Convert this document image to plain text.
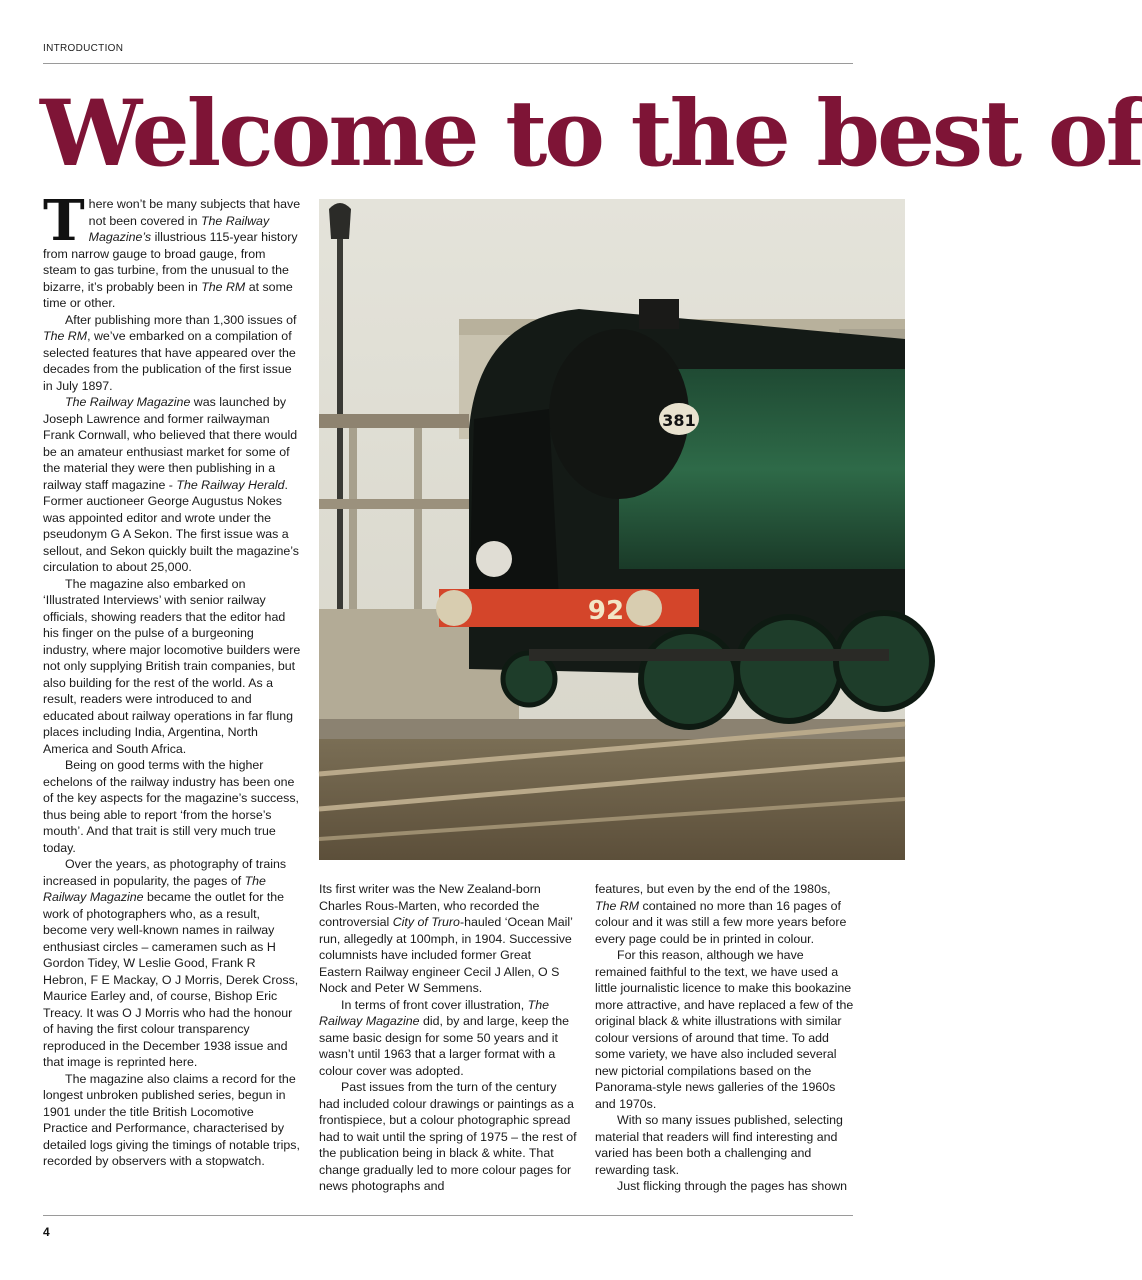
INTRODUCTION
Welcome to the best of

There won’t be many subjects that have not been covered in The Railway Magazine’s illustrious 115-year history from narrow gauge to broad gauge, from steam to gas turbine, from the unusual to the bizarre, it’s probably been in The RM at some time or other.

After publishing more than 1,300 issues of The RM, we’ve embarked on a compilation of selected features that have appeared over the decades from the publication of the first issue in July 1897.

The Railway Magazine was launched by Joseph Lawrence and former railwayman Frank Cornwall, who believed that there would be an amateur enthusiast market for some of the material they were then publishing in a railway staff magazine - The Railway Herald. Former auctioneer George Augustus Nokes was appointed editor and wrote under the pseudonym G A Sekon. The first issue was a sellout, and Sekon quickly built the magazine’s circulation to about 25,000.

The magazine also embarked on ‘Illustrated Interviews’ with senior railway officials, showing readers that the editor had his finger on the pulse of a burgeoning industry, where major locomotive builders were not only supplying British train companies, but also building for the rest of the world. As a result, readers were introduced to and educated about railway operations in far flung places including India, Argentina, North America and South Africa.

Being on good terms with the higher echelons of the railway industry has been one of the key aspects for the magazine’s success, thus being able to report ‘from the horse’s mouth’. And that trait is still very much true today.

Over the years, as photography of trains increased in popularity, the pages of The Railway Magazine became the outlet for the work of photographers who, as a result, become very well-known names in railway enthusiast circles – cameramen such as H Gordon Tidey, W Leslie Good, Frank R Hebron, F E Mackay, O J Morris, Derek Cross, Maurice Earley and, of course, Bishop Eric Treacy. It was O J Morris who had the honour of having the first colour transparency reproduced in the December 1938 issue and that image is reprinted here.

The magazine also claims a record for the longest unbroken published series, begun in 1901 under the title British Locomotive Practice and Performance, characterised by detailed logs giving the timings of notable trips, recorded by observers with a stopwatch.

381
92

Its first writer was the New Zealand-born Charles Rous-Marten, who recorded the controversial City of Truro-hauled ‘Ocean Mail’ run, allegedly at 100mph, in 1904. Successive columnists have included former Great Eastern Railway engineer Cecil J Allen, O S Nock and Peter W Semmens.

In terms of front cover illustration, The Railway Magazine did, by and large, keep the same basic design for some 50 years and it wasn’t until 1963 that a larger format with a colour cover was adopted.

Past issues from the turn of the century had included colour drawings or paintings as a frontispiece, but a colour photographic spread had to wait until the spring of 1975 – the rest of the publication being in black & white. That change gradually led to more colour pages for news photographs and

features, but even by the end of the 1980s, The RM contained no more than 16 pages of colour and it was still a few more years before every page could be in printed in colour.

For this reason, although we have remained faithful to the text, we have used a little journalistic licence to make this bookazine more attractive, and have replaced a few of the original black & white illustrations with similar colour versions of around that time. To add some variety, we have also included several new pictorial compilations based on the Panorama-style news galleries of the 1960s and 1970s.

With so many issues published, selecting material that readers will find interesting and varied has been both a challenging and rewarding task.

Just flicking through the pages has shown

4
